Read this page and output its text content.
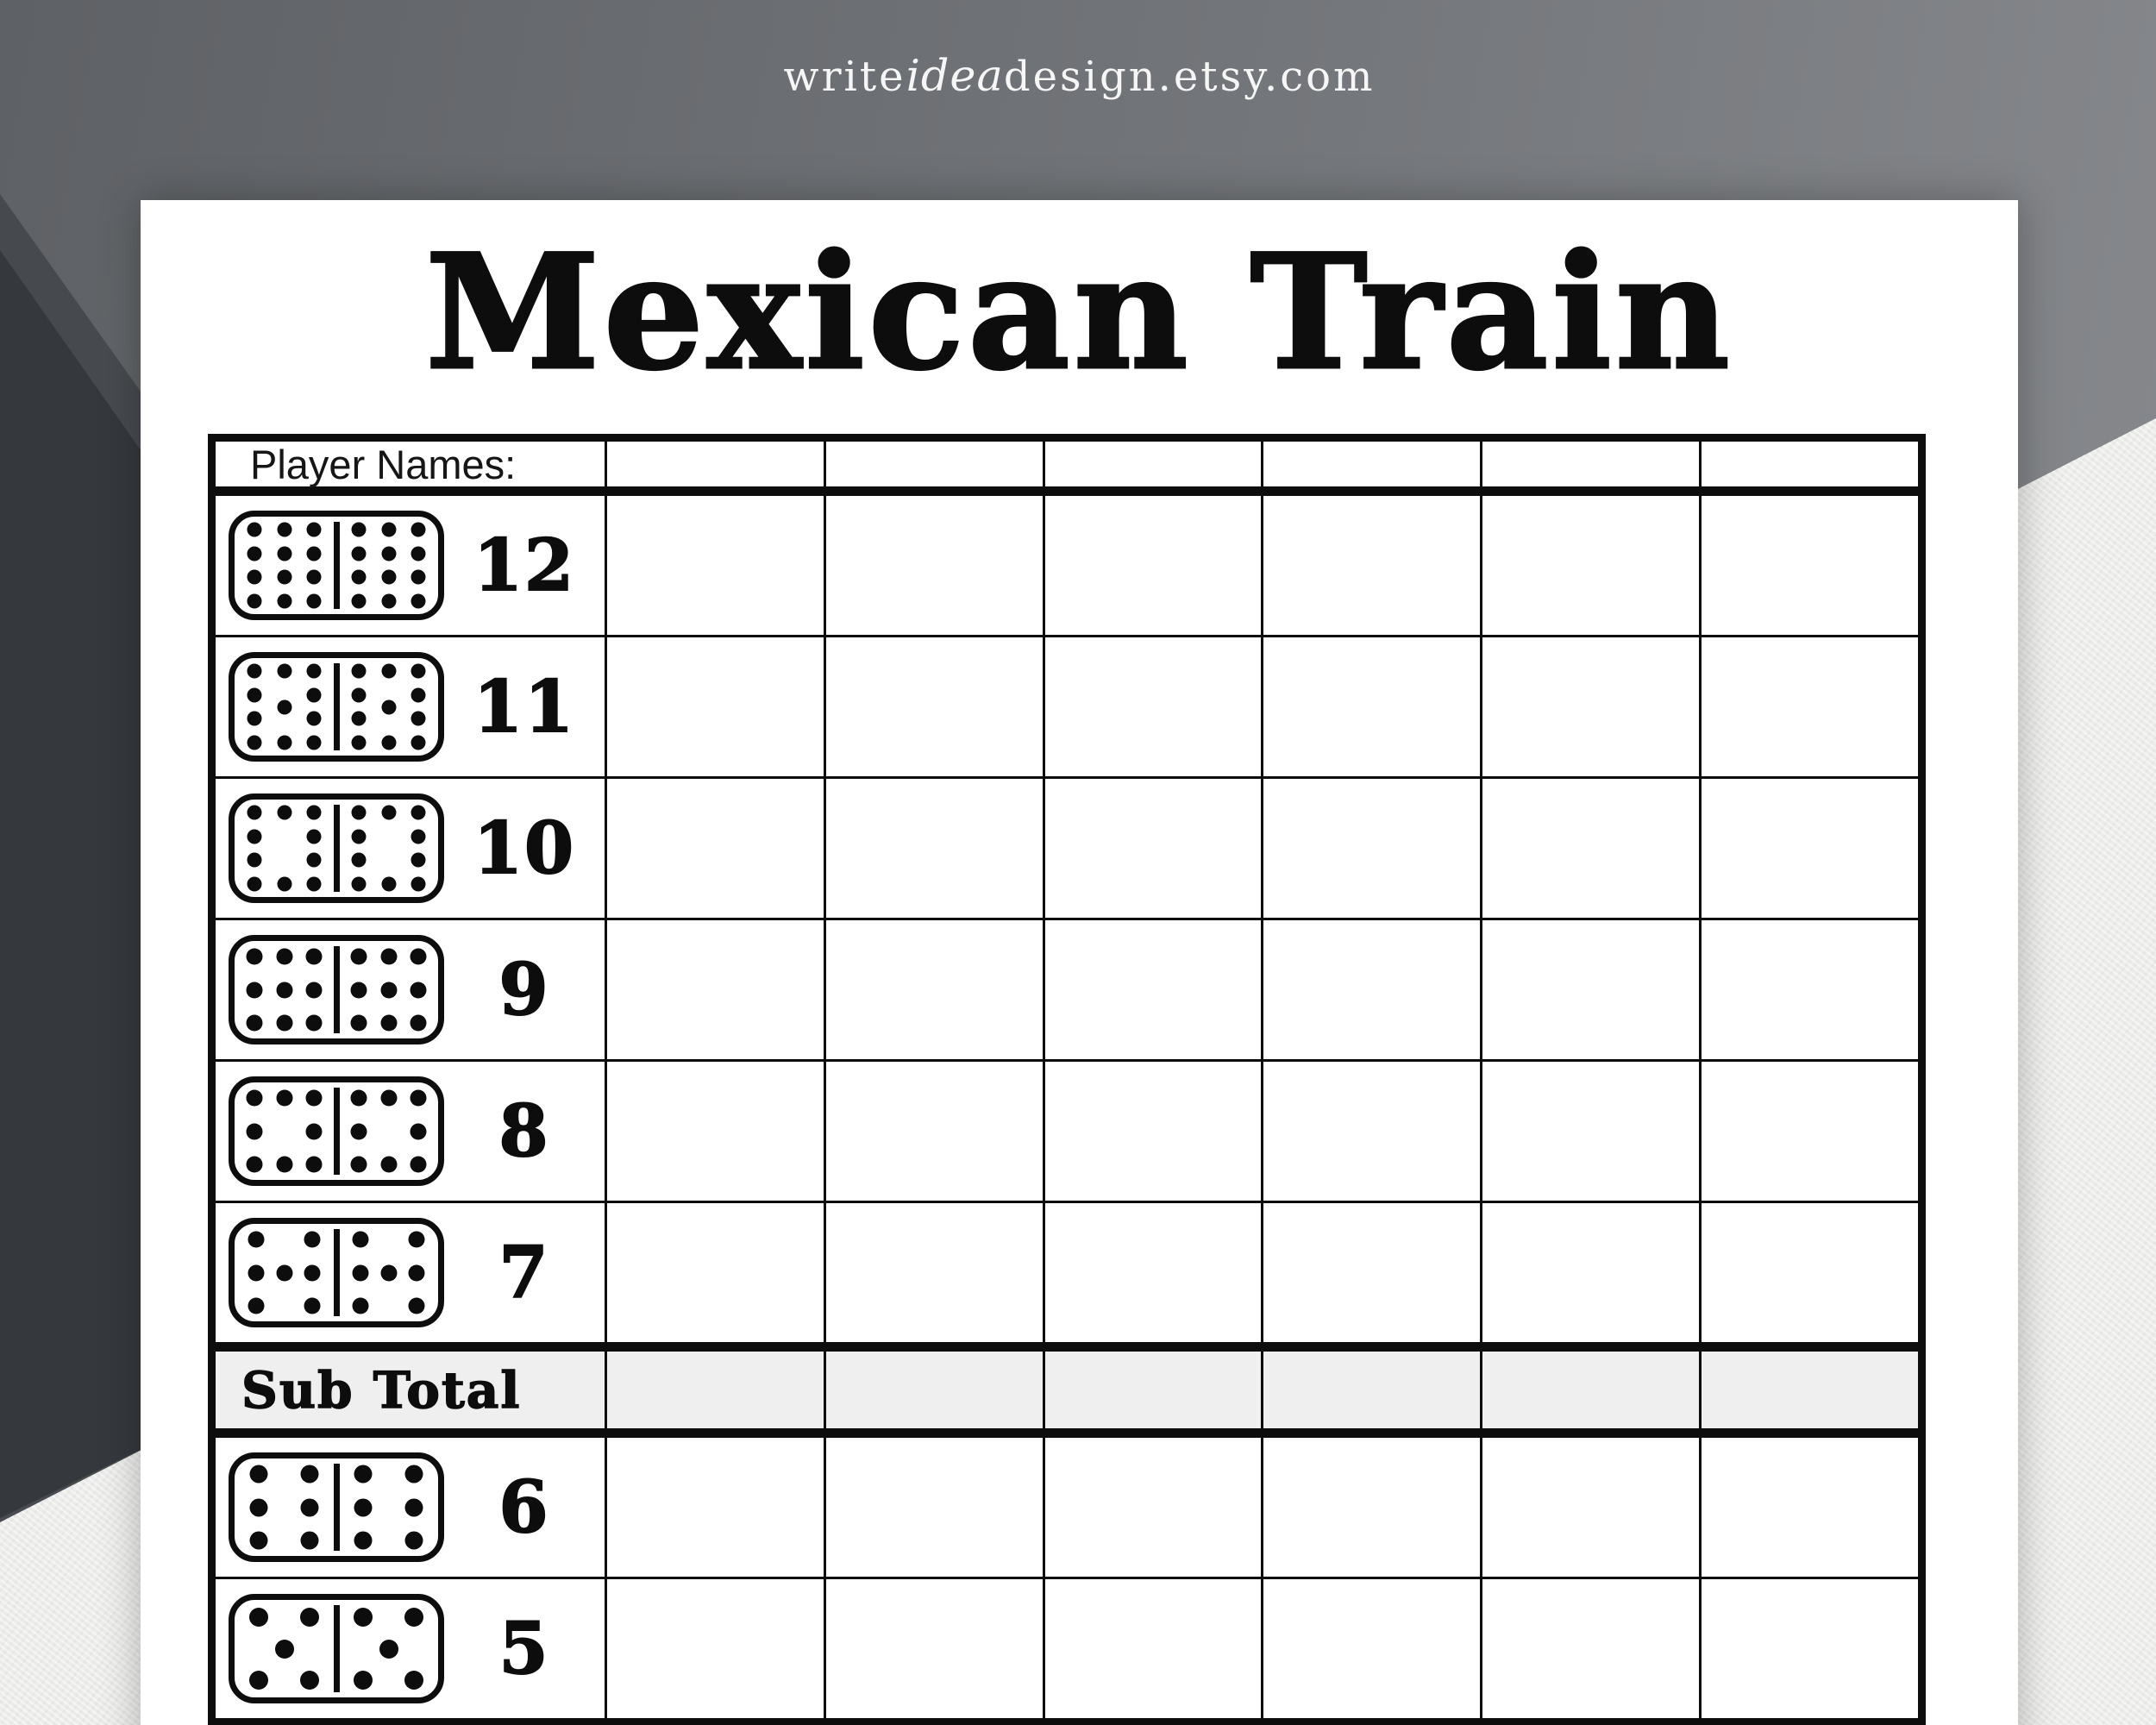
writeideadesign.etsy.com
Mexican Train
Player Names:
12
11
10
9
8
7
Sub Total
6
5
